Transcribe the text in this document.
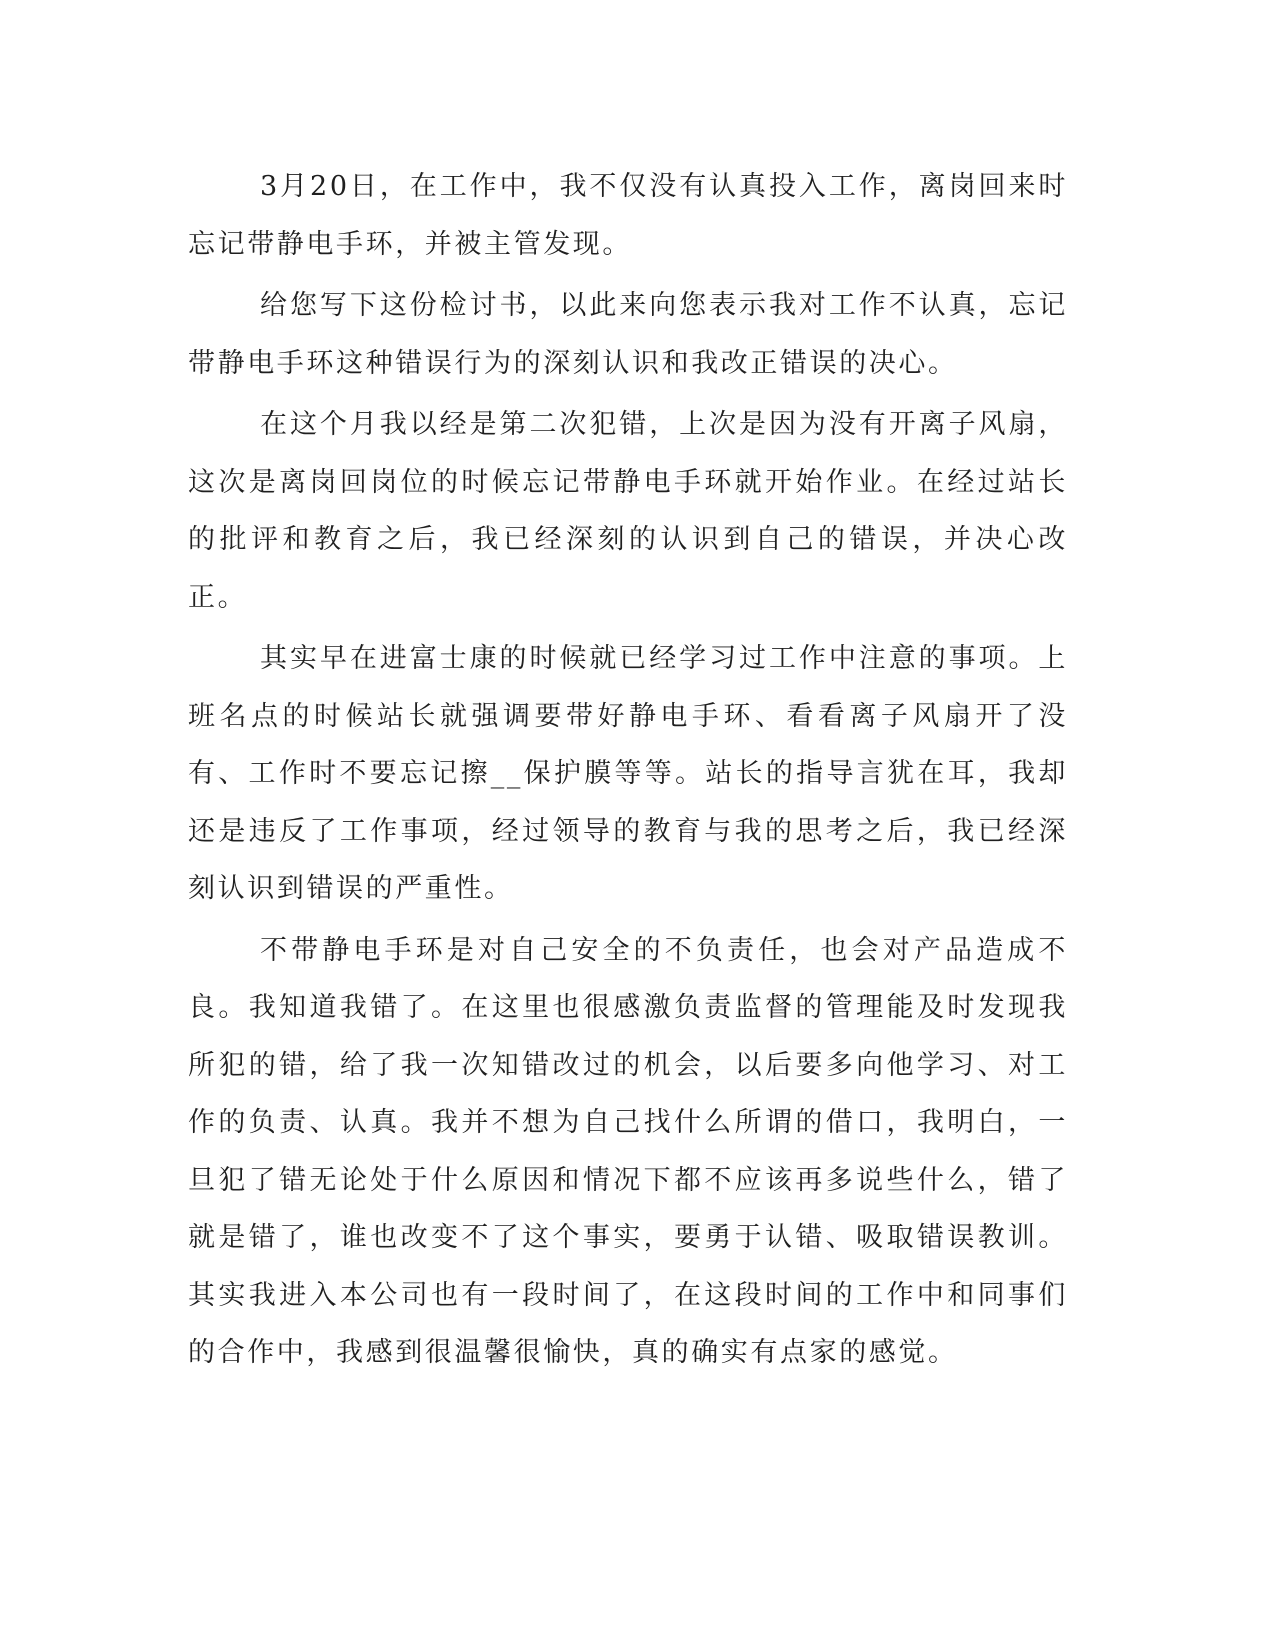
3月20日，在工作中，我不仅没有认真投入工作，离岗回来时忘记带静电手环，并被主管发现。

给您写下这份检讨书，以此来向您表示我对工作不认真，忘记带静电手环这种错误行为的深刻认识和我改正错误的决心。

在这个月我以经是第二次犯错，上次是因为没有开离子风扇，这次是离岗回岗位的时候忘记带静电手环就开始作业。在经过站长的批评和教育之后，我已经深刻的认识到自己的错误，并决心改正。

其实早在进富士康的时候就已经学习过工作中注意的事项。上班名点的时候站长就强调要带好静电手环、看看离子风扇开了没有、工作时不要忘记擦__保护膜等等。站长的指导言犹在耳，我却还是违反了工作事项，经过领导的教育与我的思考之后，我已经深刻认识到错误的严重性。

不带静电手环是对自己安全的不负责任，也会对产品造成不良。我知道我错了。在这里也很感激负责监督的管理能及时发现我所犯的错，给了我一次知错改过的机会，以后要多向他学习、对工作的负责、认真。我并不想为自己找什么所谓的借口，我明白，一旦犯了错无论处于什么原因和情况下都不应该再多说些什么，错了就是错了，谁也改变不了这个事实，要勇于认错、吸取错误教训。其实我进入本公司也有一段时间了，在这段时间的工作中和同事们的合作中，我感到很温馨很愉快，真的确实有点家的感觉。
